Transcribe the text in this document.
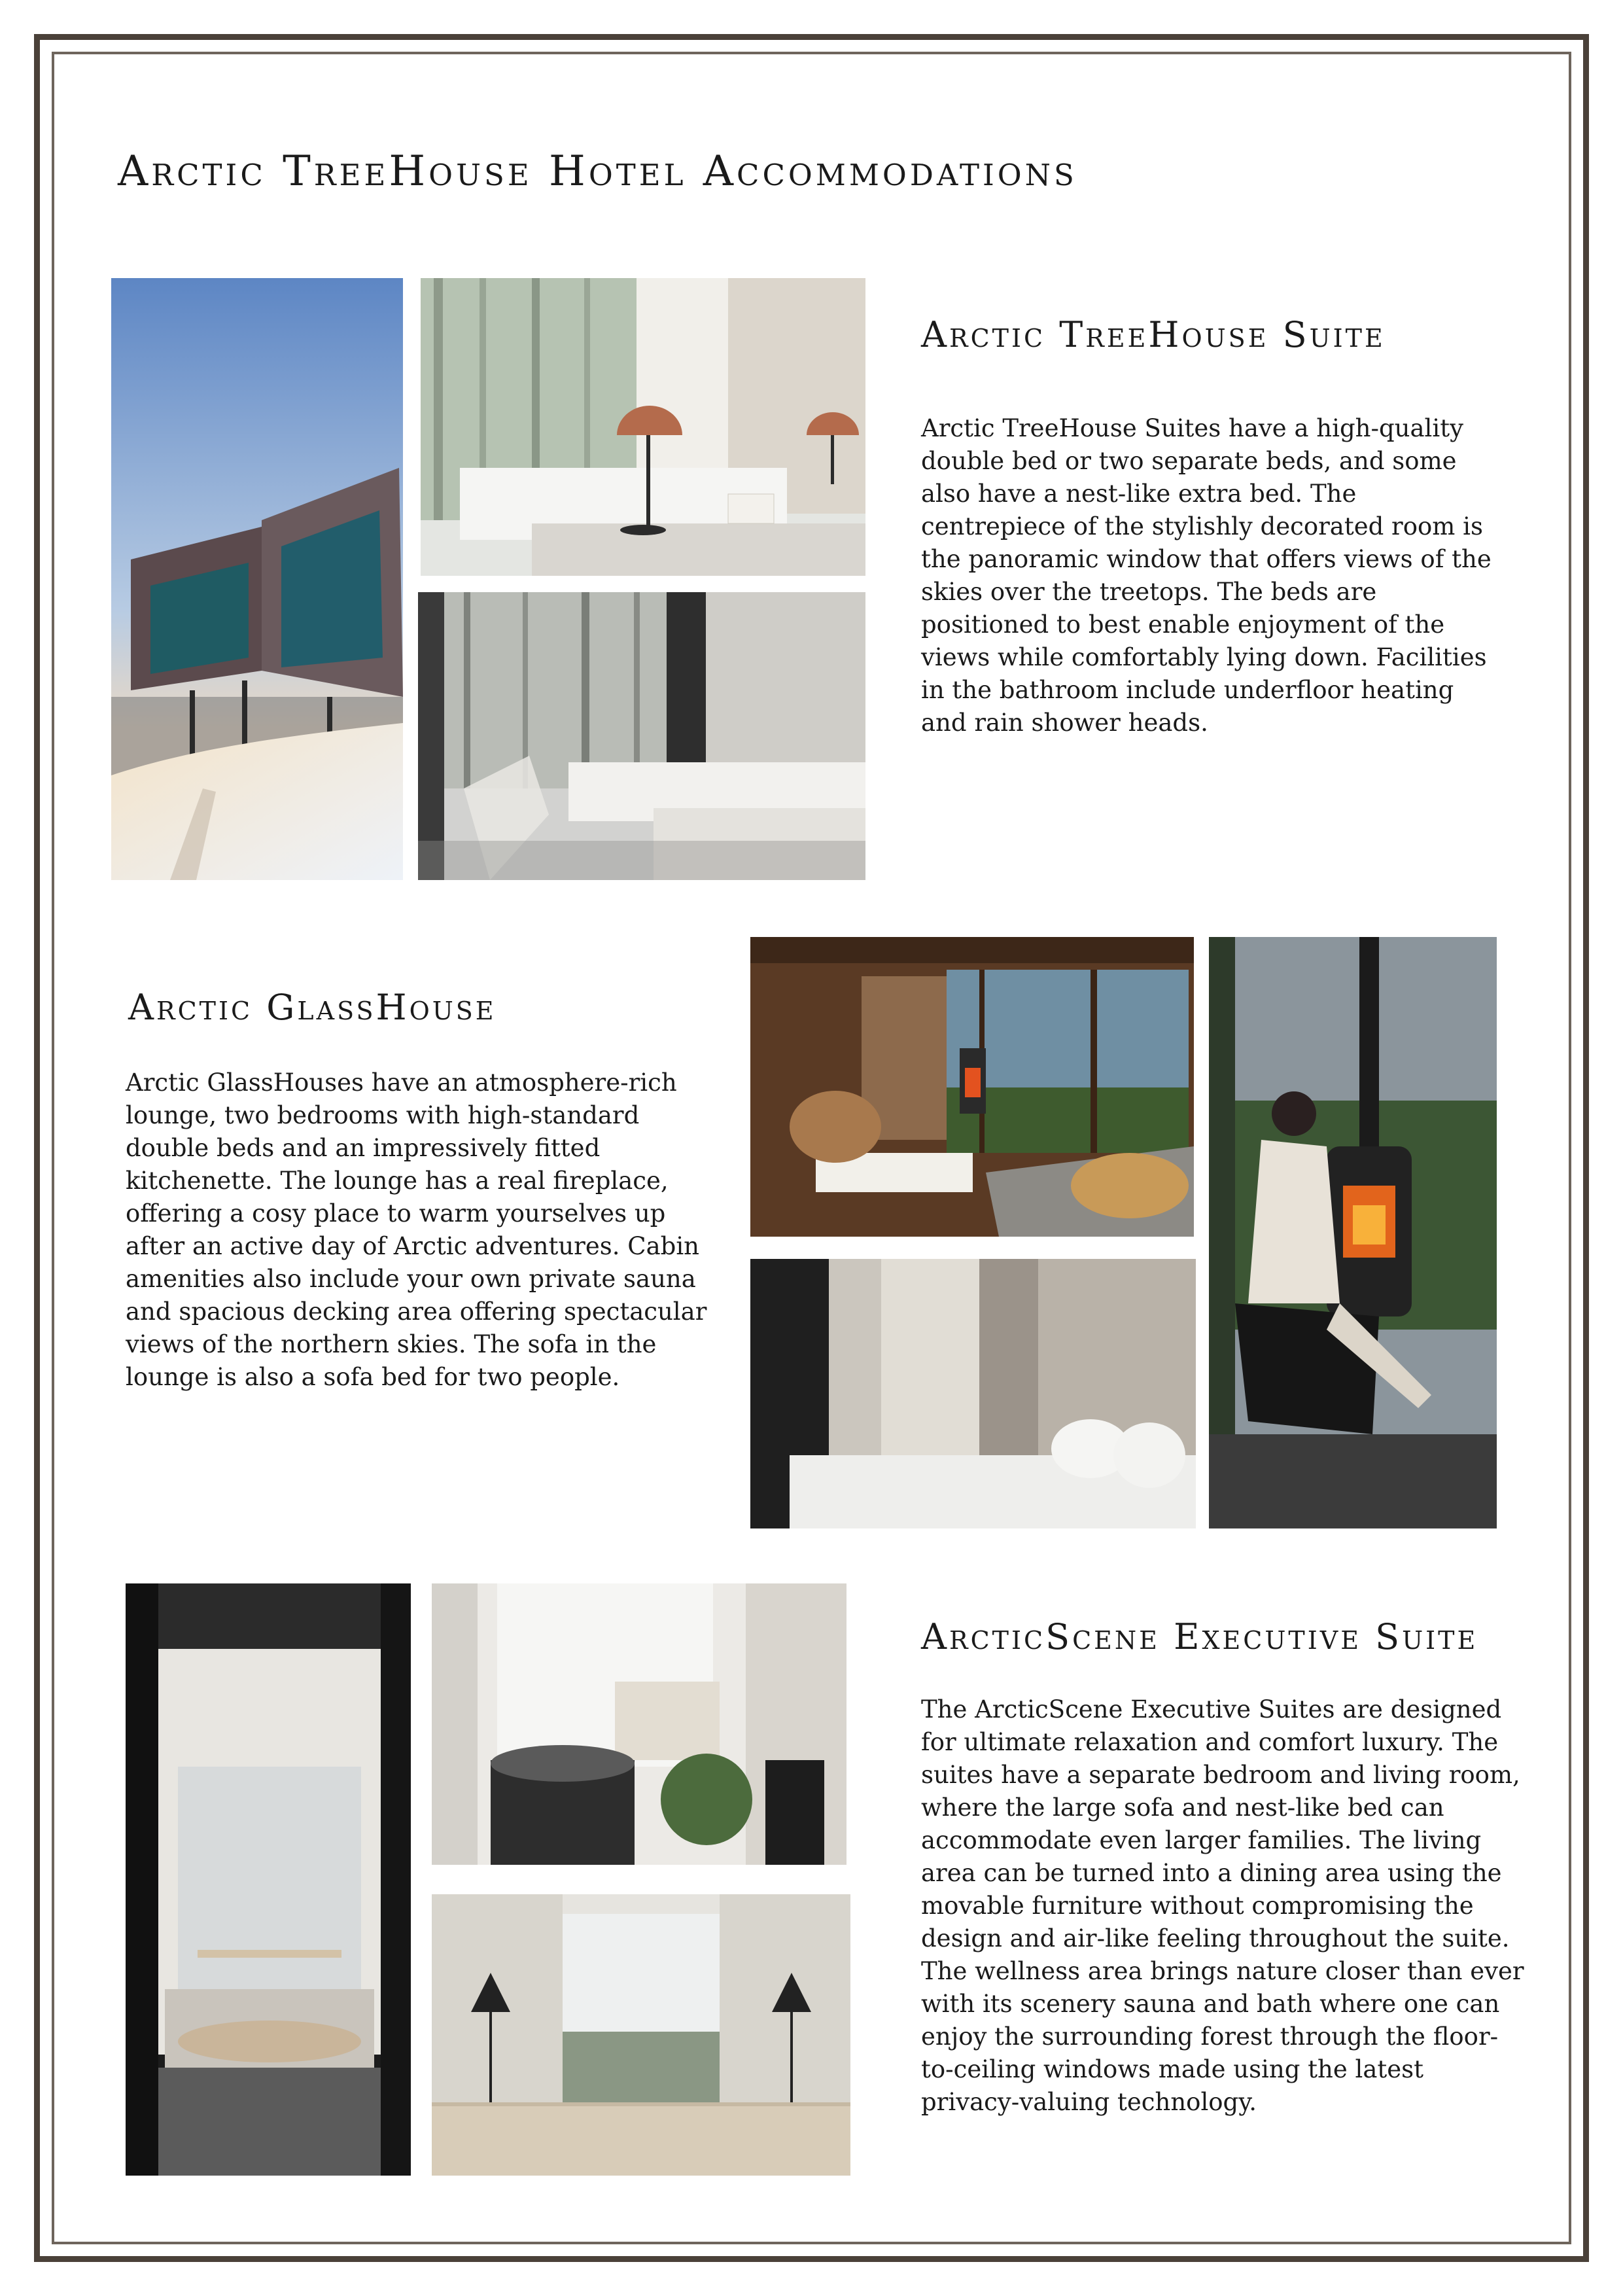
Arctic TreeHouse Hotel Accommodations
Arctic TreeHouse Suite

Arctic TreeHouse Suites have a high-quality double bed or two separate beds, and some also have a nest-like extra bed. The centrepiece of the stylishly decorated room is the panoramic window that offers views of the skies over the treetops. The beds are positioned to best enable enjoyment of the views while comfortably lying down. Facilities in the bathroom include underfloor heating and rain shower heads.

Arctic GlassHouse

Arctic GlassHouses have an atmosphere-rich lounge, two bedrooms with high-standard double beds and an impressively fitted kitchenette. The lounge has a real fireplace, offering a cosy place to warm yourselves up after an active day of Arctic adventures. Cabin amenities also include your own private sauna and spacious decking area offering spectacular views of the northern skies. The sofa in the lounge is also a sofa bed for two people.

ArcticScene Executive Suite

The ArcticScene Executive Suites are designed for ultimate relaxation and comfort luxury. The suites have a separate bedroom and living room, where the large sofa and nest-like bed can accommodate even larger families. The living area can be turned into a dining area using the movable furniture without compromising the design and air-like feeling throughout the suite. The wellness area brings nature closer than ever with its scenery sauna and bath where one can enjoy the surrounding forest through the floor-to-ceiling windows made using the latest privacy-valuing technology.
